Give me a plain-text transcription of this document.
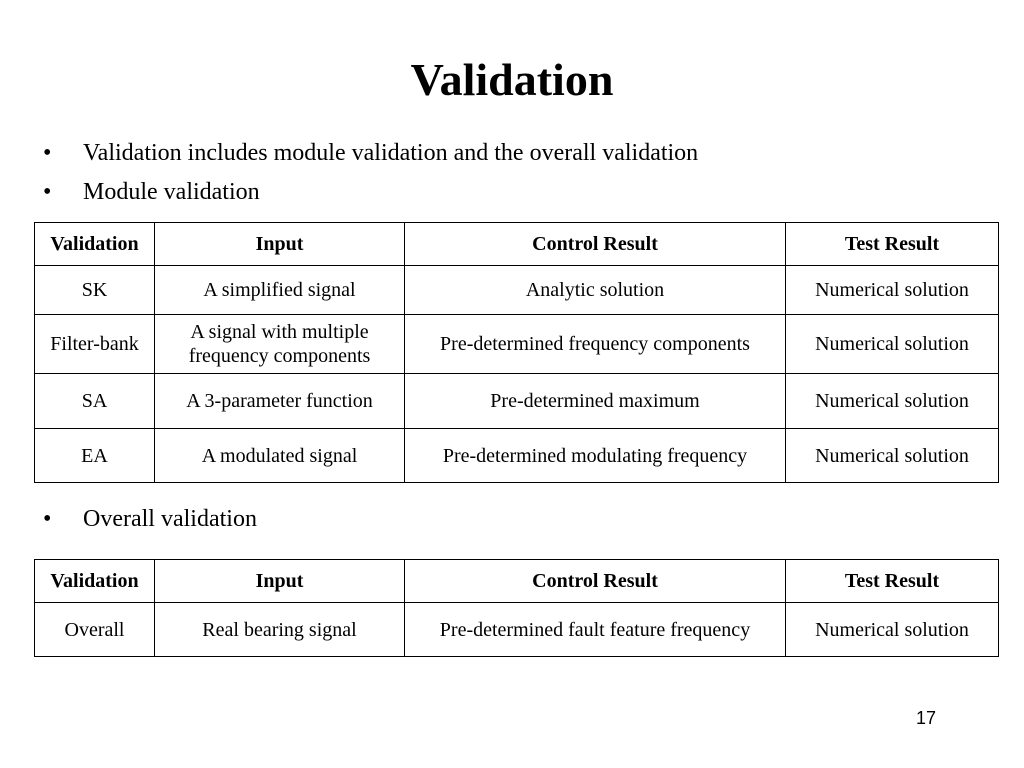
Validation
• Validation includes module validation and the overall validation
• Module validation
Validation	Input	Control Result	Test Result
SK	A simplified signal	Analytic solution	Numerical solution
Filter-bank	A signal with multiple frequency components	Pre-determined frequency components	Numerical solution
SA	A 3-parameter function	Pre-determined maximum	Numerical solution
EA	A modulated signal	Pre-determined modulating frequency	Numerical solution
• Overall validation
Validation	Input	Control Result	Test Result
Overall	Real bearing signal	Pre-determined fault feature frequency	Numerical solution
17
